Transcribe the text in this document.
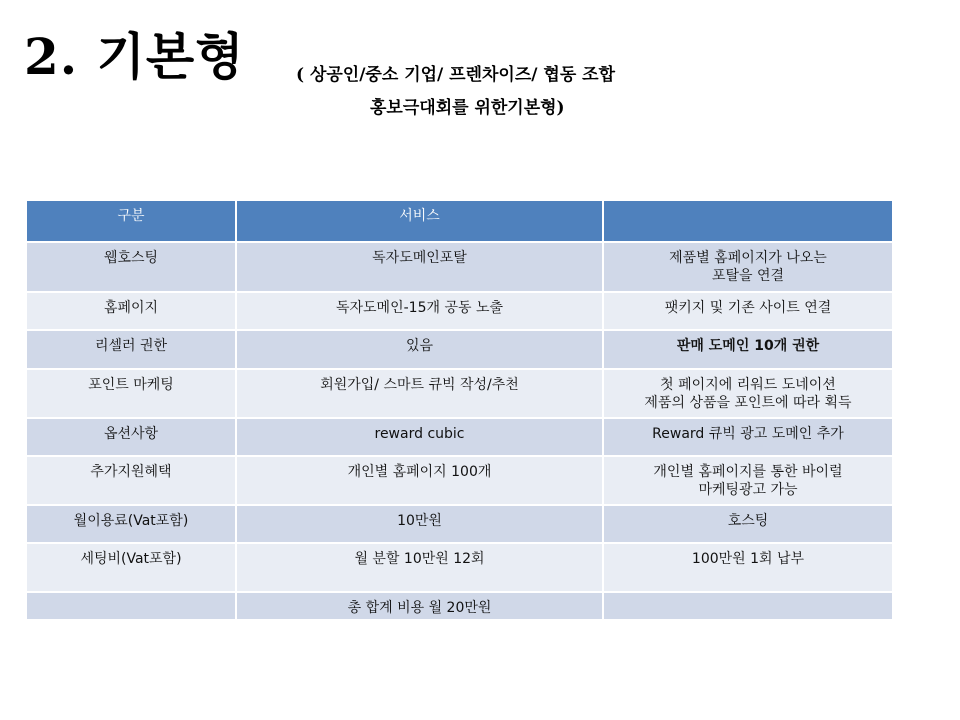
2. 기본형	( 상공인/중소 기업/ 프렌차이즈/ 협동 조합
홍보극대회를 위한기본형)
구분	서비스	
웹호스팅	독자도메인포탈	제품별 홈페이지가 나오는
포탈을 연결
홈페이지	독자도메인-15개 공동 노출	팻키지 및 기존 사이트 연결
리셀러 권한	있음	판매 도메인 10개 권한
포인트 마케팅	회원가입/ 스마트 큐빅 작성/추천	첫 페이지에 리워드 도네이션
제품의 상품을 포인트에 따라 획득
옵션사항	reward cubic	Reward 큐빅 광고 도메인 추가
추가지원혜택	개인별 홈페이지 100개	개인별 홈페이지를 통한 바이럴
마케팅광고 가능
월이용료(Vat포함)	10만원	호스팅
세팅비(Vat포함)	월 분할 10만원 12회	100만원 1회 납부
	총 합계 비용 월 20만원	
